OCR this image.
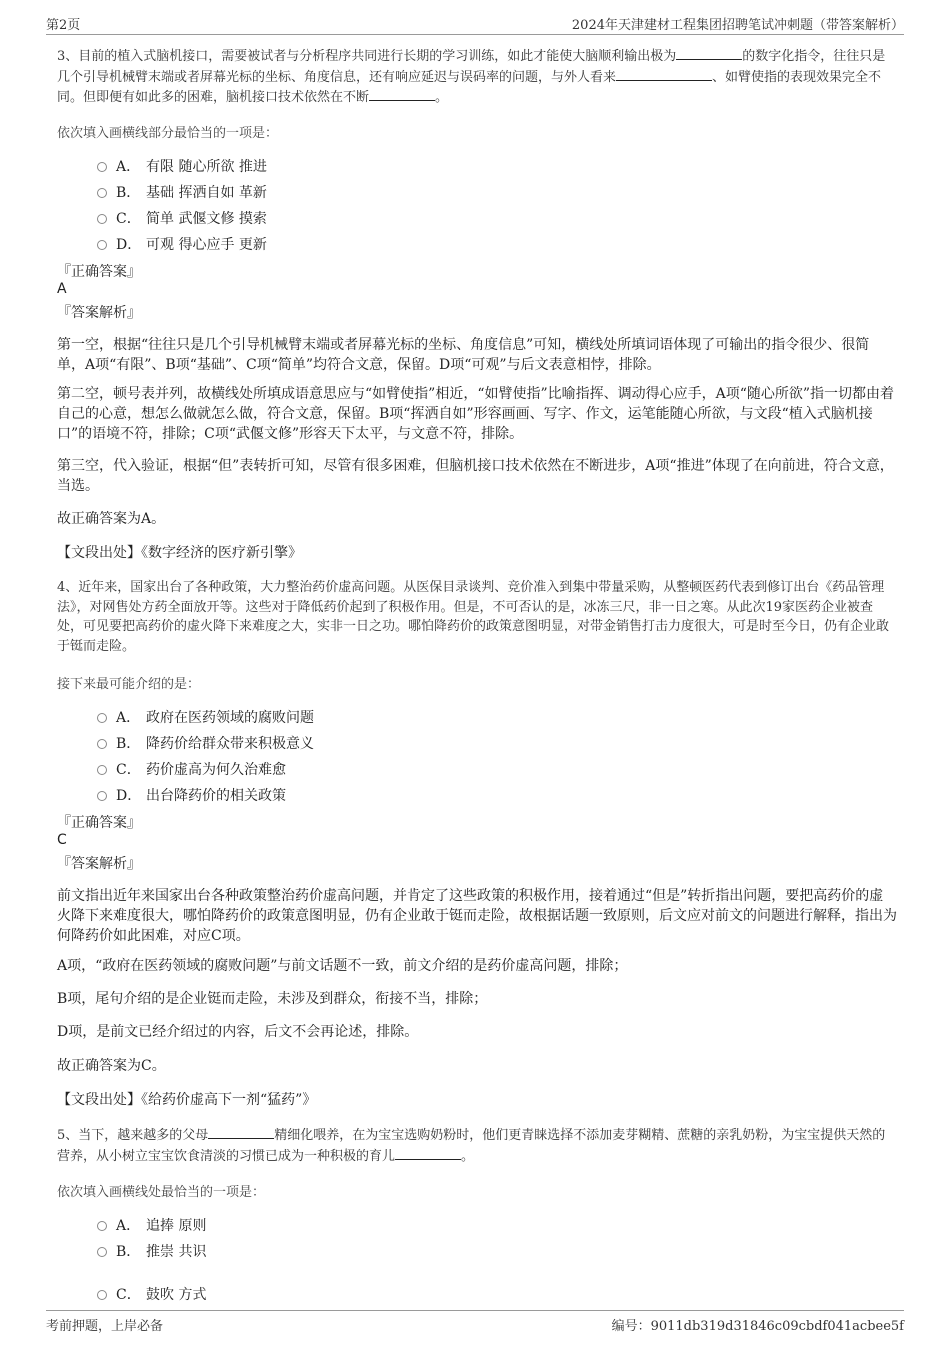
第2页	2024年天津建材工程集团招聘笔试冲刺题（带答案解析）

3、目前的植入式脑机接口，需要被试者与分析程序共同进行长期的学习训练，如此才能使大脑顺利输出极为	的数字化指令，往往只是几个引导机械臂末端或者屏幕光标的坐标、角度信息，还有响应延迟与误码率的问题，与外人看来	、如臂使指的表现效果完全不同。但即便有如此多的困难，脑机接口技术依然在不断	。

依次填入画横线部分最恰当的一项是：

A． 有限 随心所欲 推进
B． 基础 挥洒自如 革新
C． 简单 武偃文修 摸索
D． 可观 得心应手 更新
『正确答案』
A
『答案解析』

第一空，根据“往往只是几个引导机械臂末端或者屏幕光标的坐标、角度信息”可知，横线处所填词语体现了可输出的指令很少、很简单，A项“有限”、B项“基础”、C项“简单”均符合文意，保留。D项“可观”与后文表意相悖，排除。

第二空，顿号表并列，故横线处所填成语意思应与“如臂使指”相近，“如臂使指”比喻指挥、调动得心应手，A项“随心所欲”指一切都由着自己的心意，想怎么做就怎么做，符合文意，保留。B项“挥洒自如”形容画画、写字、作文，运笔能随心所欲，与文段“植入式脑机接口”的语境不符，排除；C项“武偃文修”形容天下太平，与文意不符，排除。

第三空，代入验证，根据“但”表转折可知，尽管有很多困难，但脑机接口技术依然在不断进步，A项“推进”体现了在向前进，符合文意，当选。

故正确答案为A。

【文段出处】《数字经济的医疗新引擎》

4、近年来，国家出台了各种政策，大力整治药价虚高问题。从医保目录谈判、竞价准入到集中带量采购，从整顿医药代表到修订出台《药品管理法》，对网售处方药全面放开等。这些对于降低药价起到了积极作用。但是，不可否认的是，冰冻三尺，非一日之寒。从此次19家医药企业被查处，可见要把高药价的虚火降下来难度之大，实非一日之功。哪怕降药价的政策意图明显，对带金销售打击力度很大，可是时至今日，仍有企业敢于铤而走险。

接下来最可能介绍的是：

A． 政府在医药领域的腐败问题
B． 降药价给群众带来积极意义
C． 药价虚高为何久治难愈
D． 出台降药价的相关政策
『正确答案』
C
『答案解析』

前文指出近年来国家出台各种政策整治药价虚高问题，并肯定了这些政策的积极作用，接着通过“但是”转折指出问题，要把高药价的虚火降下来难度很大，哪怕降药价的政策意图明显，仍有企业敢于铤而走险，故根据话题一致原则，后文应对前文的问题进行解释，指出为何降药价如此困难，对应C项。

A项，“政府在医药领域的腐败问题”与前文话题不一致，前文介绍的是药价虚高问题，排除；

B项，尾句介绍的是企业铤而走险，未涉及到群众，衔接不当，排除；

D项，是前文已经介绍过的内容，后文不会再论述，排除。

故正确答案为C。

【文段出处】《给药价虚高下一剂“猛药”》

5、当下，越来越多的父母	精细化喂养，在为宝宝选购奶粉时，他们更青睐选择不添加麦芽糊精、蔗糖的亲乳奶粉，为宝宝提供天然的营养，从小树立宝宝饮食清淡的习惯已成为一种积极的育儿	。

依次填入画横线处最恰当的一项是：

A． 追捧 原则
B． 推崇 共识
C． 鼓吹 方式
考前押题，上岸必备	编号：9011db319d31846c09cbdf041acbee5f
